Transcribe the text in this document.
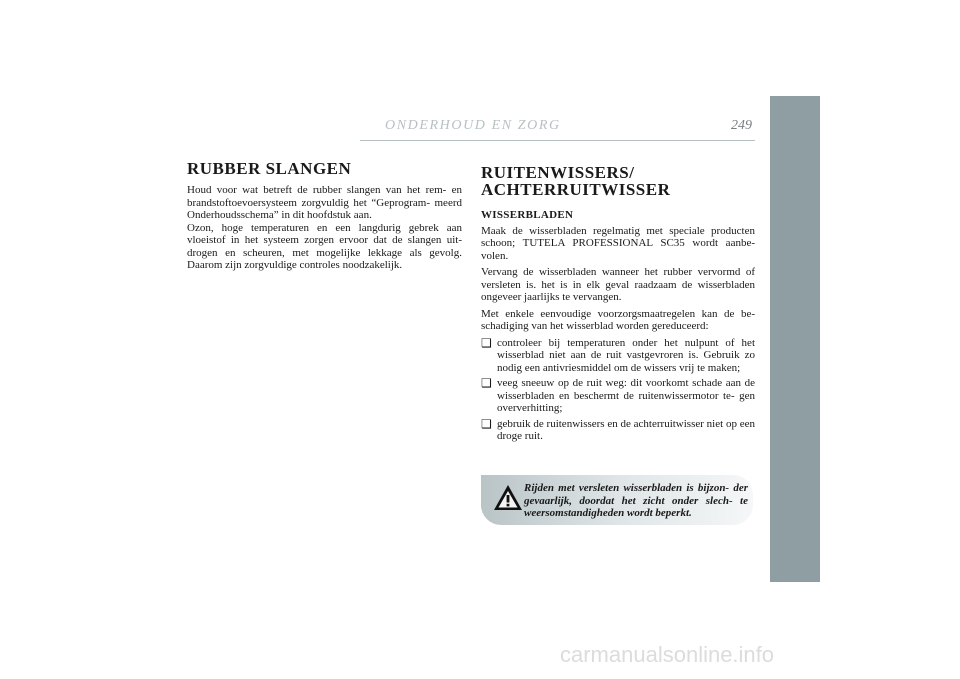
ONDERHOUD EN ZORG	249
RUBBER SLANGEN

Houd voor wat betreft de rubber slangen van het rem- en brandstoftoevoersysteem zorgvuldig het “Geprogram- meerd Onderhoudsschema” in dit hoofdstuk aan.

Ozon, hoge temperaturen en een langdurig gebrek aan vloeistof in het systeem zorgen ervoor dat de slangen uit- drogen en scheuren, met mogelijke lekkage als gevolg. Daarom zijn zorgvuldige controles noodzakelijk.

RUITENWISSERS/
ACHTERRUITWISSER
WISSERBLADEN

Maak de wisserbladen regelmatig met speciale producten schoon; TUTELA PROFESSIONAL SC35 wordt aanbe- volen.

Vervang de wisserbladen wanneer het rubber vervormd of versleten is. het is in elk geval raadzaam de wisserbladen ongeveer jaarlijks te vervangen.

Met enkele eenvoudige voorzorgsmaatregelen kan de be- schadiging van het wisserblad worden gereduceerd:

❑ controleer bij temperaturen onder het nulpunt of het wisserblad niet aan de ruit vastgevroren is. Gebruik zo nodig een antivriesmiddel om de wissers vrij te maken;
❑ veeg sneeuw op de ruit weg: dit voorkomt schade aan de wisserbladen en beschermt de ruitenwissermotor te- gen oververhitting;
❑ gebruik de ruitenwissers en de achterruitwisser niet op een droge ruit.
Rijden met versleten wisserbladen is bijzon- der gevaarlijk, doordat het zicht onder slech- te weersomstandigheden wordt beperkt.
carmanualsonline.info
